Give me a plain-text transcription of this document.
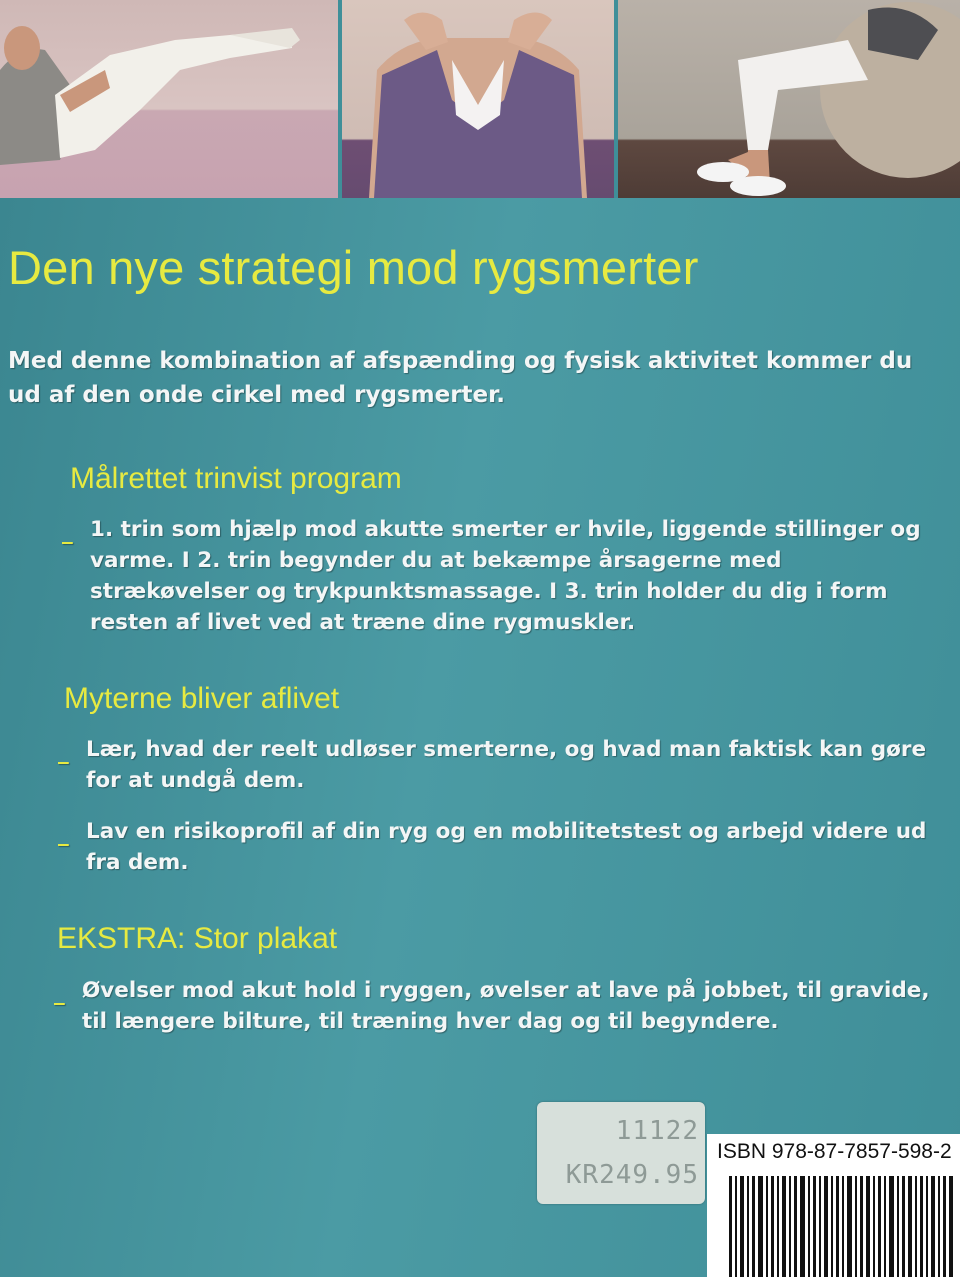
Den nye strategi mod rygsmerter

Med denne kombination af afspænding og fysisk aktivitet kommer du ud af den onde cirkel med rygsmerter.

Målrettet trinvist program
_ 1. trin som hjælp mod akutte smerter er hvile, liggende stillinger og varme. I 2. trin begynder du at bekæmpe årsagerne med strækøvelser og trykpunktsmassage. I 3. trin holder du dig i form resten af livet ved at træne dine rygmuskler.
Myterne bliver aflivet
_ Lær, hvad der reelt udløser smerterne, og hvad man faktisk kan gøre for at undgå dem.
_ Lav en risikoprofil af din ryg og en mobilitetstest og arbejd videre ud fra dem.
EKSTRA: Stor plakat
_ Øvelser mod akut hold i ryggen, øvelser at lave på jobbet, til gravide, til længere bilture, til træning hver dag og til begyndere.
11122
KR249.95
ISBN 978-87-7857-598-2
